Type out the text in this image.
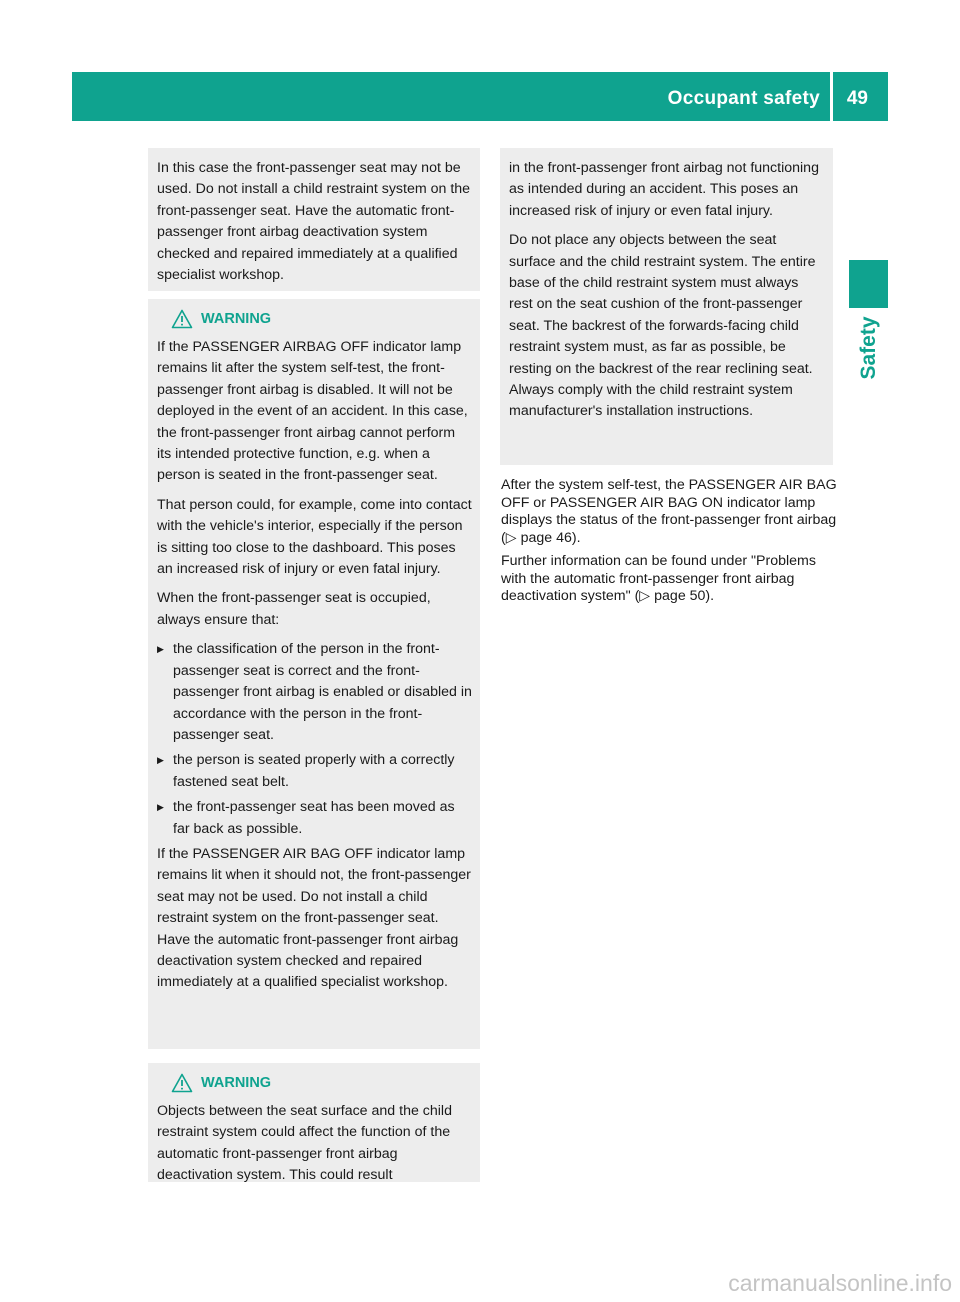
Occupant safety 49
Safety

In this case the front-passenger seat may not be used. Do not install a child restraint system on the front-passenger seat. Have the automatic front-passenger front airbag deactivation system checked and repaired immediately at a qualified specialist workshop.

WARNING

If the PASSENGER AIRBAG OFF indicator lamp remains lit after the system self-test, the front-passenger front airbag is disabled. It will not be deployed in the event of an accident. In this case, the front-passenger front airbag cannot perform its intended protective function, e.g. when a person is seated in the front-passenger seat.

That person could, for example, come into contact with the vehicle's interior, especially if the person is sitting too close to the dashboard. This poses an increased risk of injury or even fatal injury.

When the front-passenger seat is occupied, always ensure that:

▶ the classification of the person in the front-passenger seat is correct and the front-passenger front airbag is enabled or disabled in accordance with the person in the front-passenger seat.
▶ the person is seated properly with a correctly fastened seat belt.
▶ the front-passenger seat has been moved as far back as possible.

If the PASSENGER AIR BAG OFF indicator lamp remains lit when it should not, the front-passenger seat may not be used. Do not install a child restraint system on the front-passenger seat. Have the automatic front-passenger front airbag deactivation system checked and repaired immediately at a qualified specialist workshop.

WARNING

Objects between the seat surface and the child restraint system could affect the function of the automatic front-passenger front airbag deactivation system. This could result

in the front-passenger front airbag not functioning as intended during an accident. This poses an increased risk of injury or even fatal injury.

Do not place any objects between the seat surface and the child restraint system. The entire base of the child restraint system must always rest on the seat cushion of the front-passenger seat. The backrest of the forwards-facing child restraint system must, as far as possible, be resting on the backrest of the rear reclining seat. Always comply with the child restraint system manufacturer's installation instructions.

After the system self-test, the PASSENGER AIR BAG OFF or PASSENGER AIR BAG ON indicator lamp displays the status of the front-passenger front airbag (▷ page 46).

Further information can be found under "Problems with the automatic front-passenger front airbag deactivation system" (▷ page 50).

carmanualsonline.info
